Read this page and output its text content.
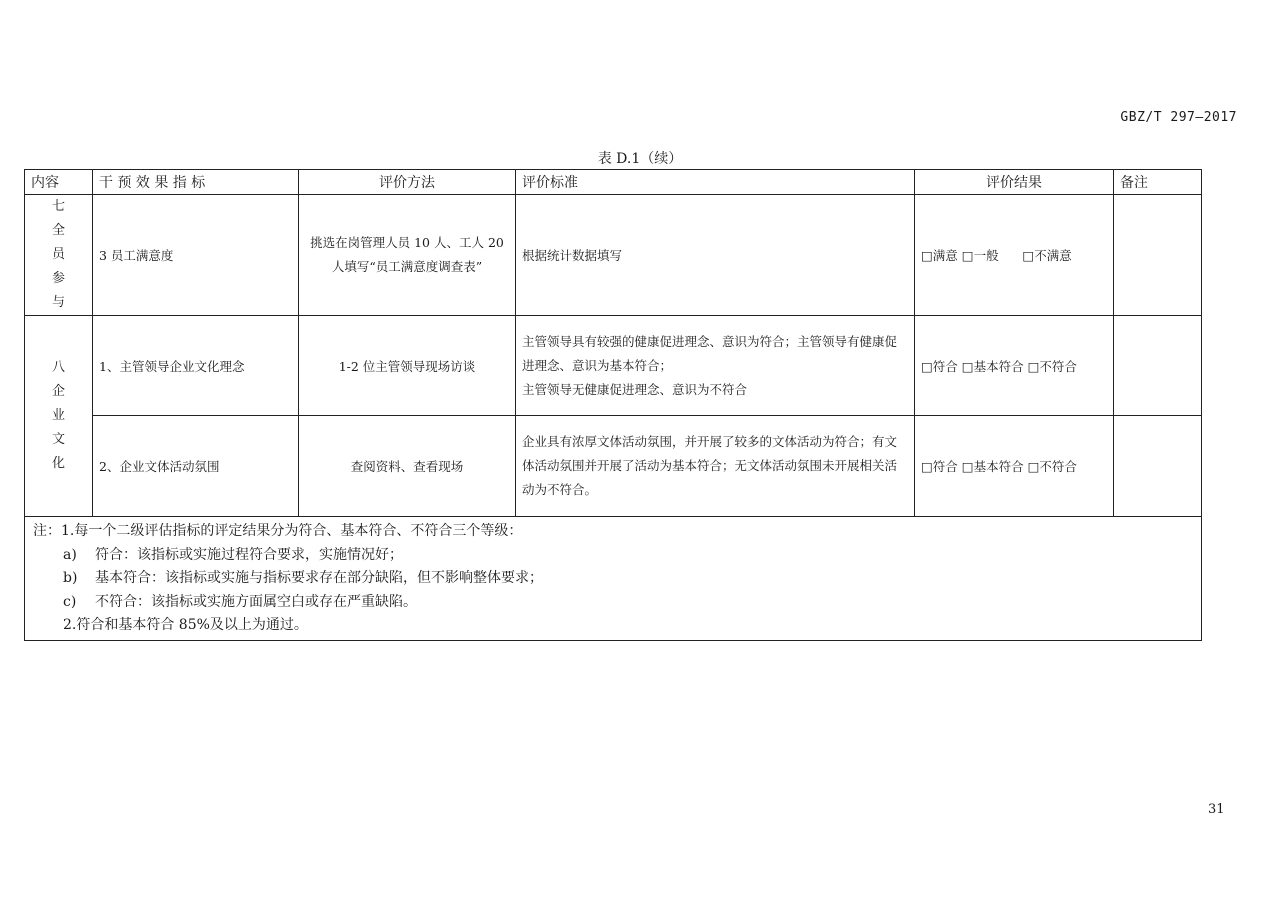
GBZ/T 297—2017
表 D.1（续）
内容	干 预 效 果 指 标	评价方法	评价标准	评价结果	备注

七
全
员
参
与	3 员工满意度	挑选在岗管理人员 10 人、工人 20 人填写“员工满意度调查表”	根据统计数据填写	□满意 □一般      □不满意	

八
企
业
文
化	1、主管领导企业文化理念	1-2 位主管领导现场访谈	主管领导具有较强的健康促进理念、意识为符合；主管领导有健康促进理念、意识为基本符合；
主管领导无健康促进理念、意识为不符合	□符合 □基本符合 □不符合	
	2、企业文体活动氛围	查阅资料、查看现场	企业具有浓厚文体活动氛围，并开展了较多的文体活动为符合；有文体活动氛围并开展了活动为基本符合；无文体活动氛围未开展相关活动为不符合。	□符合 □基本符合 □不符合	

注：1.每一个二级评估指标的评定结果分为符合、基本符合、不符合三个等级：
a) 符合：该指标或实施过程符合要求，实施情况好；
b) 基本符合：该指标或实施与指标要求存在部分缺陷，但不影响整体要求；
c) 不符合：该指标或实施方面属空白或存在严重缺陷。
2.符合和基本符合 85%及以上为通过。					
31
